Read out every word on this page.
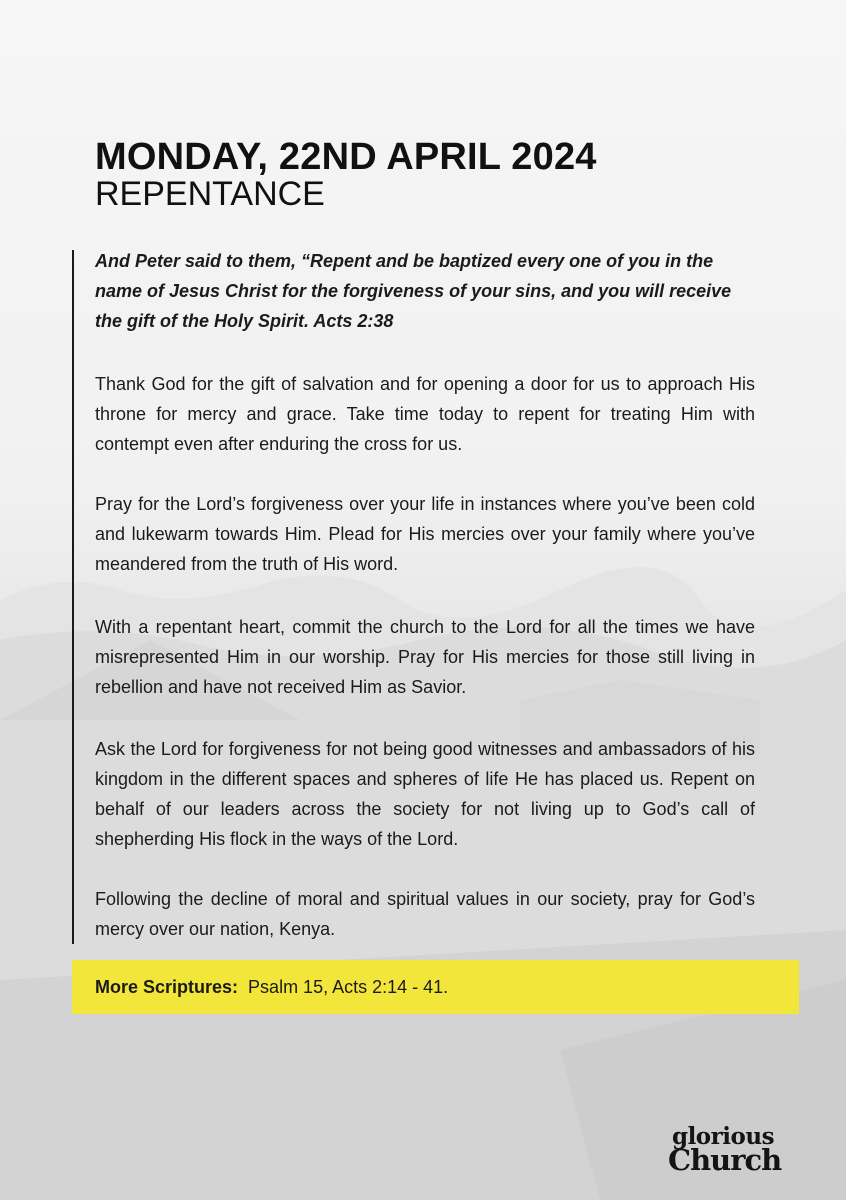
MONDAY, 22ND APRIL 2024
REPENTANCE
And Peter said to them, “Repent and be baptized every one of you in the name of Jesus Christ for the forgiveness of your sins, and you will receive the gift of the Holy Spirit. Acts 2:38
Thank God for the gift of salvation and for opening a door for us to approach His throne for mercy and grace. Take time today to repent for treating Him with contempt even after enduring the cross for us.
Pray for the Lord’s forgiveness over your life in instances where you’ve been cold and lukewarm towards Him. Plead for His mercies over your family where you’ve meandered from the truth of His word.
With a repentant heart, commit the church to the Lord for all the times we have misrepresented Him in our worship. Pray for His mercies for those still living in rebellion and have not received Him as Savior.
Ask the Lord for forgiveness for not being good witnesses and ambassadors of his kingdom in the different spaces and spheres of life He has placed us. Repent on behalf of our leaders across the society for not living up to God’s call of shepherding His flock in the ways of the Lord.
Following the decline of moral and spiritual values in our society, pray for God’s mercy over our nation, Kenya.
More Scriptures: Psalm 15, Acts 2:14 - 41.
glorious
Church
